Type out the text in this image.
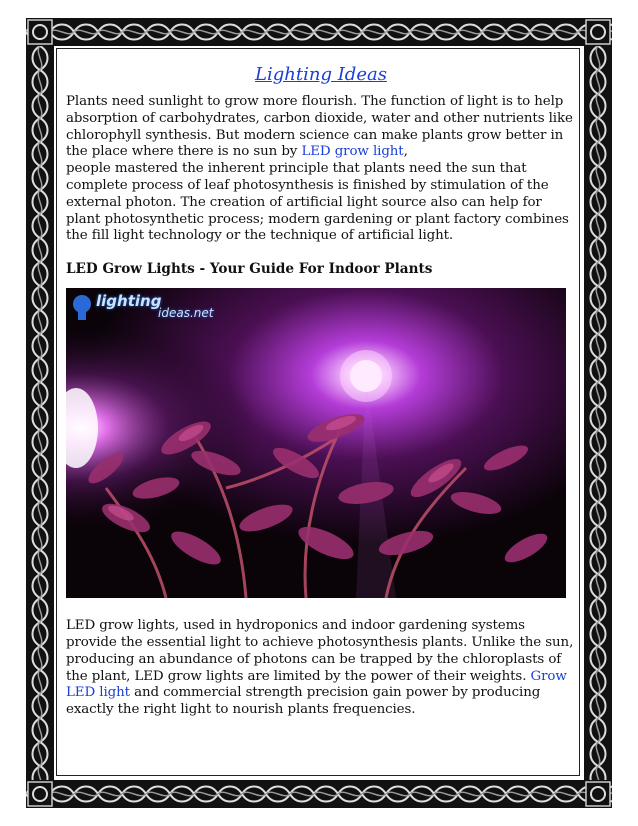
Lighting Ideas

Plants need sunlight to grow more flourish. The function of light is to help absorption of carbohydrates, carbon dioxide, water and other nutrients like chlorophyll synthesis. But modern science can make plants grow better in the place where there is no sun by LED grow light,
people mastered the inherent principle that plants need the sun that complete process of leaf photosynthesis is finished by stimulation of the external photon. The creation of artificial light source also can help for plant photosynthetic process; modern gardening or plant factory combines the fill light technology or the technique of artificial light.

LED Grow Lights - Your Guide For Indoor Plants
lighting
ideas.net

LED grow lights, used in hydroponics and indoor gardening systems provide the essential light to achieve photosynthesis plants. Unlike the sun, producing an abundance of photons can be trapped by the chloroplasts of the plant, LED grow lights are limited by the power of their weights. Grow LED light and commercial strength precision gain power by producing exactly the right light to nourish plants frequencies.
